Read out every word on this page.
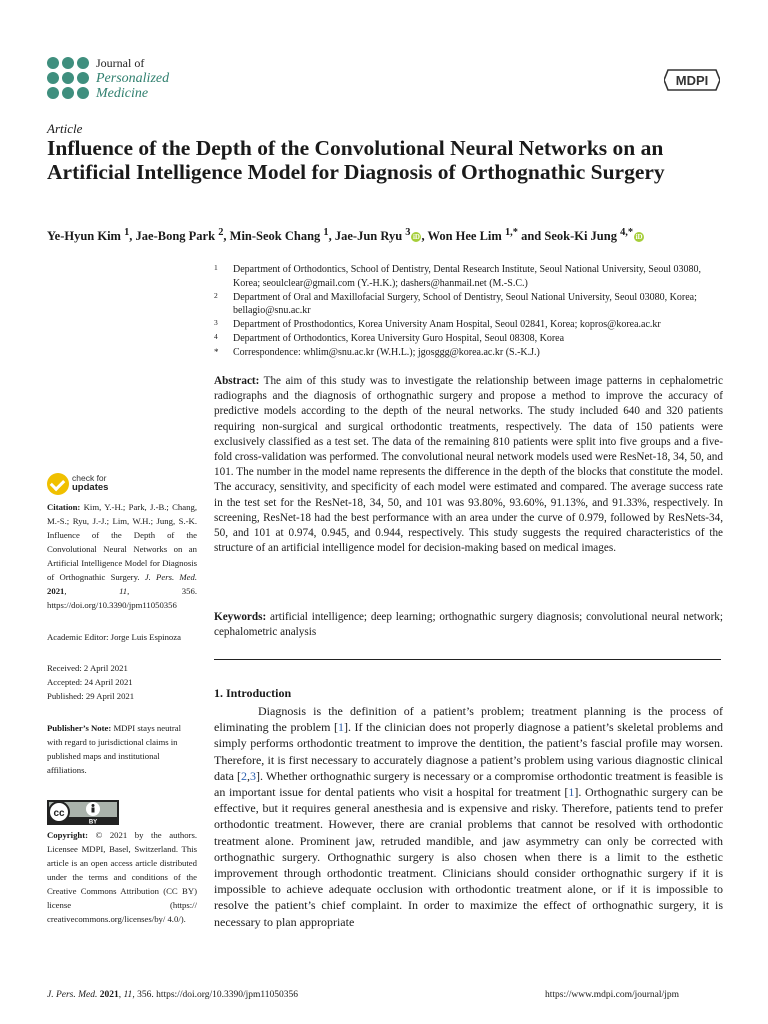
Journal of
Personalized
Medicine
MDPI
Article
Influence of the Depth of the Convolutional Neural Networks on an Artificial Intelligence Model for Diagnosis of Orthognathic Surgery
Ye-Hyun Kim $^1$, Jae-Bong Park $^2$, Min-Seok Chang $^1$, Jae-Jun Ryu $^3$ iD , Won Hee Lim $^{1,*}$ and Seok-Ki Jung $^{4,*}$ iD
1 Department of Orthodontics, School of Dentistry, Dental Research Institute, Seoul National University, Seoul 03080, Korea; seoulclear@gmail.com (Y.-H.K.); dashers@hanmail.net (M.-S.C.)
2 Department of Oral and Maxillofacial Surgery, School of Dentistry, Seoul National University, Seoul 03080, Korea; bellagio@snu.ac.kr
3 Department of Prosthodontics, Korea University Anam Hospital, Seoul 02841, Korea; kopros@korea.ac.kr
4 Department of Orthodontics, Korea University Guro Hospital, Seoul 08308, Korea
* Correspondence: whlim@snu.ac.kr (W.H.L.); jgosggg@korea.ac.kr (S.-K.J.)
Abstract: The aim of this study was to investigate the relationship between image patterns in cephalometric radiographs and the diagnosis of orthognathic surgery and propose a method to improve the accuracy of predictive models according to the depth of the neural networks. The study included 640 and 320 patients requiring non-surgical and surgical orthodontic treatments, respectively. The data of 150 patients were exclusively classified as a test set. The data of the remaining 810 patients were split into five groups and a five-fold cross-validation was performed. The convolutional neural network models used were ResNet-18, 34, 50, and 101. The number in the model name represents the difference in the depth of the blocks that constitute the model. The accuracy, sensitivity, and specificity of each model were estimated and compared. The average success rate in the test set for the ResNet-18, 34, 50, and 101 was 93.80%, 93.60%, 91.13%, and 91.33%, respectively. In screening, ResNet-18 had the best performance with an area under the curve of 0.979, followed by ResNets-34, 50, and 101 at 0.974, 0.945, and 0.944, respectively. This study suggests the required characteristics of the structure of an artificial intelligence model for decision-making based on medical images.
Keywords: artificial intelligence; deep learning; orthognathic surgery diagnosis; convolutional neural network; cephalometric analysis
1. Introduction

Diagnosis is the definition of a patient’s problem; treatment planning is the process of eliminating the problem [1]. If the clinician does not properly diagnose a patient’s skeletal problems and simply performs orthodontic treatment to improve the dentition, the patient’s fascial profile may worsen. Therefore, it is first necessary to accurately diagnose a patient’s problem using various diagnostic clinical data [2,3]. Whether orthognathic surgery is necessary or a compromise orthodontic treatment is feasible is an important issue for dental patients who visit a hospital for treatment [1]. Orthognathic surgery can be effective, but it requires general anesthesia and is expensive and risky. Therefore, patients tend to prefer orthodontic treatment. However, there are cranial problems that cannot be resolved with orthodontic treatment alone. Prominent jaw, retruded mandible, and jaw asymmetry can only be corrected with orthognathic surgery. Orthognathic surgery is also chosen when there is a limit to the esthetic improvement through orthodontic treatment. Clinicians should consider orthognathic surgery if it is impossible to achieve adequate occlusion with orthodontic treatment alone, or if it is impossible to resolve the patient’s chief complaint. In order to maximize the effect of orthognathic surgery, it is necessary to plan appropriate

check for
updates
Citation: Kim, Y.-H.; Park, J.-B.; Chang, M.-S.; Ryu, J.-J.; Lim, W.H.; Jung, S.-K. Influence of the Depth of the Convolutional Neural Networks on an Artificial Intelligence Model for Diagnosis of Orthognathic Surgery. J. Pers. Med. 2021, 11, 356. https://doi.org/10.3390/jpm11050356
Academic Editor: Jorge Luis Espinoza
Received: 2 April 2021
Accepted: 24 April 2021
Published: 29 April 2021
Publisher’s Note: MDPI stays neutral with regard to jurisdictional claims in published maps and institutional affiliations.
cc
BY
Copyright: © 2021 by the authors. Licensee MDPI, Basel, Switzerland. This article is an open access article distributed under the terms and conditions of the Creative Commons Attribution (CC BY) license (https:// creativecommons.org/licenses/by/ 4.0/).
J. Pers. Med. 2021, 11, 356. https://doi.org/10.3390/jpm11050356	https://www.mdpi.com/journal/jpm
